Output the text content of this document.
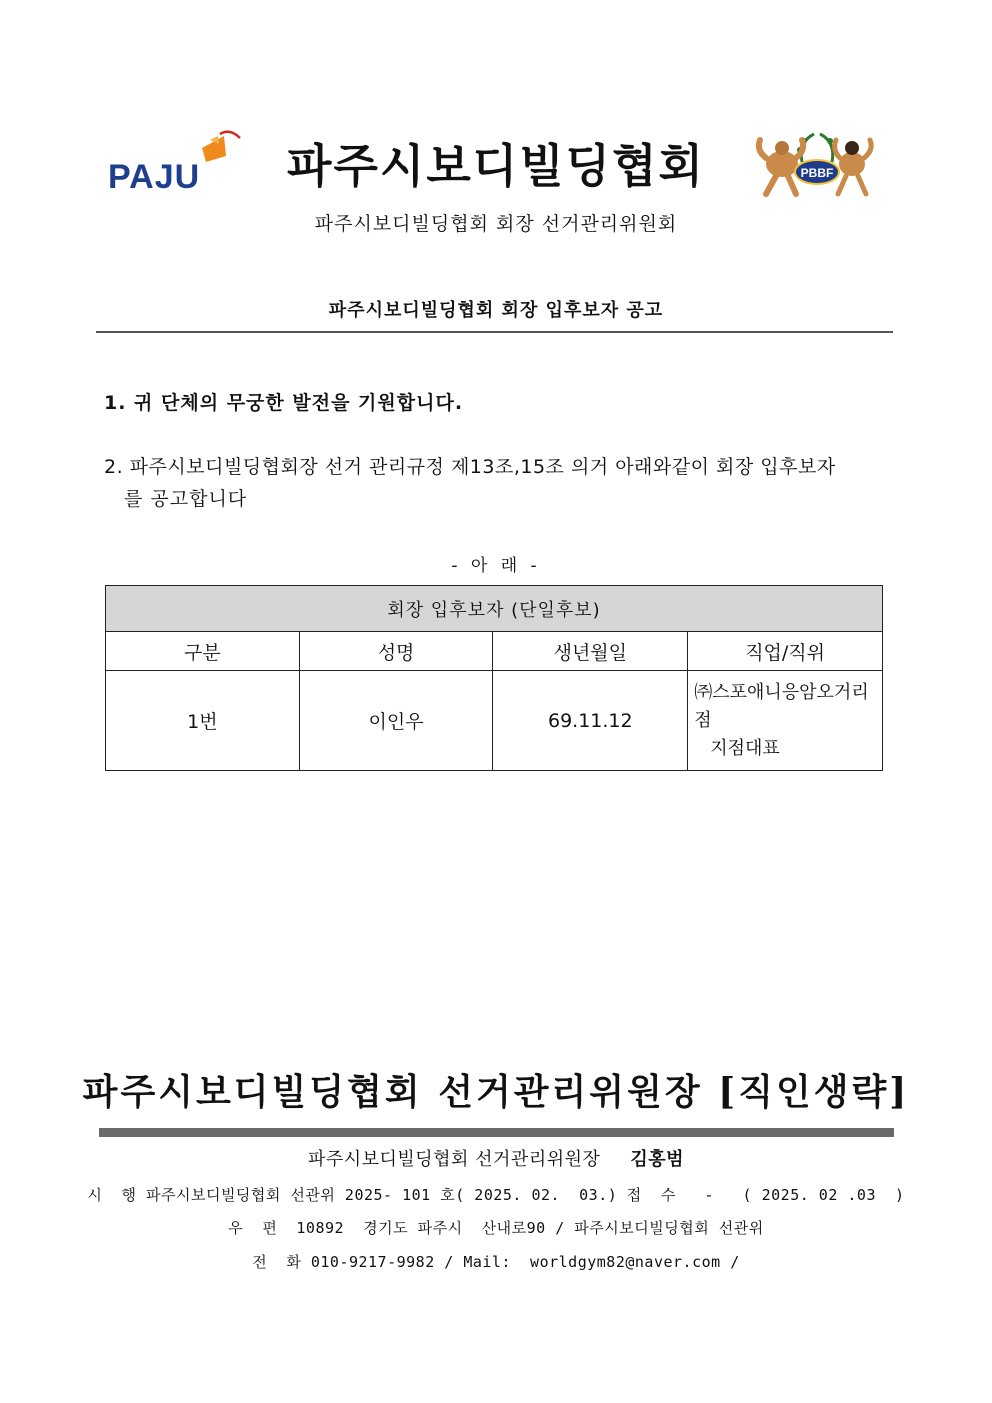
PAJU	파주시보디빌딩협회	PBBF
파주시보디빌딩협회 회장 선거관리위원회
파주시보디빌딩협회 회장 입후보자 공고
1. 귀 단체의 무궁한 발전을 기원합니다.
2. 파주시보디빌딩협회장 선거 관리규정 제13조,15조 의거 아래와같이 회장 입후보자
를 공고합니다
- 아 래 -
회장 입후보자 (단일후보)			
구분	성명	생년월일	직업/직위
1번	이인우	69.11.12	㈜스포애니응암오거리점
지점대표
파주시보디빌딩협회 선거관리위원장 [직인생략]
파주시보디빌딩협회 선거관리위원장 김홍범
시  행 파주시보디빌딩협회 선관위 2025- 101 호( 2025. 02.  03.) 접  수   -   ( 2025. 02 .03  )
우  편  10892  경기도 파주시  산내로90 / 파주시보디빌딩협회 선관위
전  화 010-9217-9982 / Mail:  worldgym82@naver.com /
